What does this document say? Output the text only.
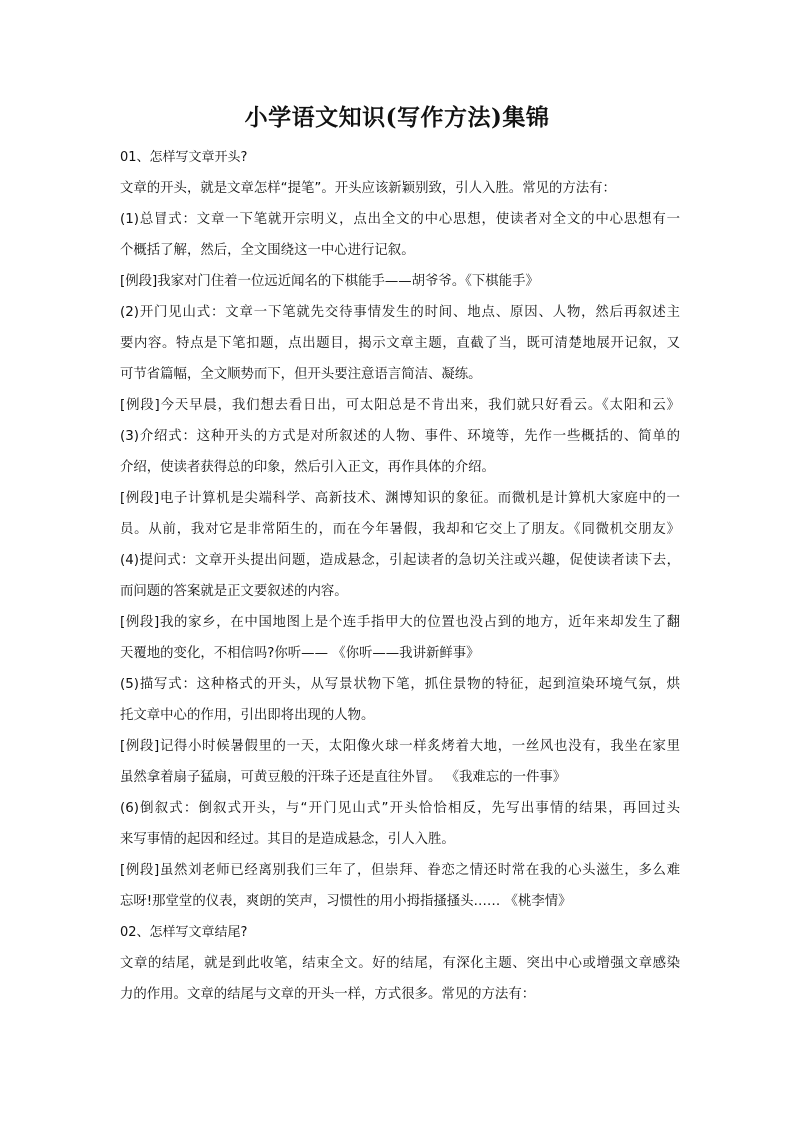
小学语文知识(写作方法)集锦
01、怎样写文章开头?
文章的开头，就是文章怎样“提笔”。开头应该新颖别致，引人入胜。常见的方法有：
(1)总冒式：文章一下笔就开宗明义，点出全文的中心思想，使读者对全文的中心思想有一
个概括了解，然后，全文围绕这一中心进行记叙。
[例段]我家对门住着一位远近闻名的下棋能手——胡爷爷。《下棋能手》
(2)开门见山式：文章一下笔就先交待事情发生的时间、地点、原因、人物，然后再叙述主
要内容。特点是下笔扣题，点出题目，揭示文章主题，直截了当，既可清楚地展开记叙，又
可节省篇幅，全文顺势而下，但开头要注意语言简洁、凝练。
[例段]今天早晨，我们想去看日出，可太阳总是不肯出来，我们就只好看云。《太阳和云》
(3)介绍式：这种开头的方式是对所叙述的人物、事件、环境等，先作一些概括的、简单的
介绍，使读者获得总的印象，然后引入正文，再作具体的介绍。
[例段]电子计算机是尖端科学、高新技术、渊博知识的象征。而微机是计算机大家庭中的一
员。从前，我对它是非常陌生的，而在今年暑假，我却和它交上了朋友。《同微机交朋友》
(4)提问式：文章开头提出问题，造成悬念，引起读者的急切关注或兴趣，促使读者读下去，
而问题的答案就是正文要叙述的内容。
[例段]我的家乡，在中国地图上是个连手指甲大的位置也没占到的地方，近年来却发生了翻
天覆地的变化，不相信吗?你听—— 《你听——我讲新鲜事》
(5)描写式：这种格式的开头，从写景状物下笔，抓住景物的特征，起到渲染环境气氛，烘
托文章中心的作用，引出即将出现的人物。
[例段]记得小时候暑假里的一天，太阳像火球一样炙烤着大地，一丝风也没有，我坐在家里
虽然拿着扇子猛扇，可黄豆般的汗珠子还是直往外冒。 《我难忘的一件事》
(6)倒叙式：倒叙式开头，与“开门见山式”开头恰恰相反，先写出事情的结果，再回过头
来写事情的起因和经过。其目的是造成悬念，引人入胜。
[例段]虽然刘老师已经离别我们三年了，但崇拜、眷恋之情还时常在我的心头滋生，多么难
忘呀!那堂堂的仪表，爽朗的笑声，习惯性的用小拇指搔搔头…… 《桃李情》
02、怎样写文章结尾?
文章的结尾，就是到此收笔，结束全文。好的结尾，有深化主题、突出中心或增强文章感染
力的作用。文章的结尾与文章的开头一样，方式很多。常见的方法有：
